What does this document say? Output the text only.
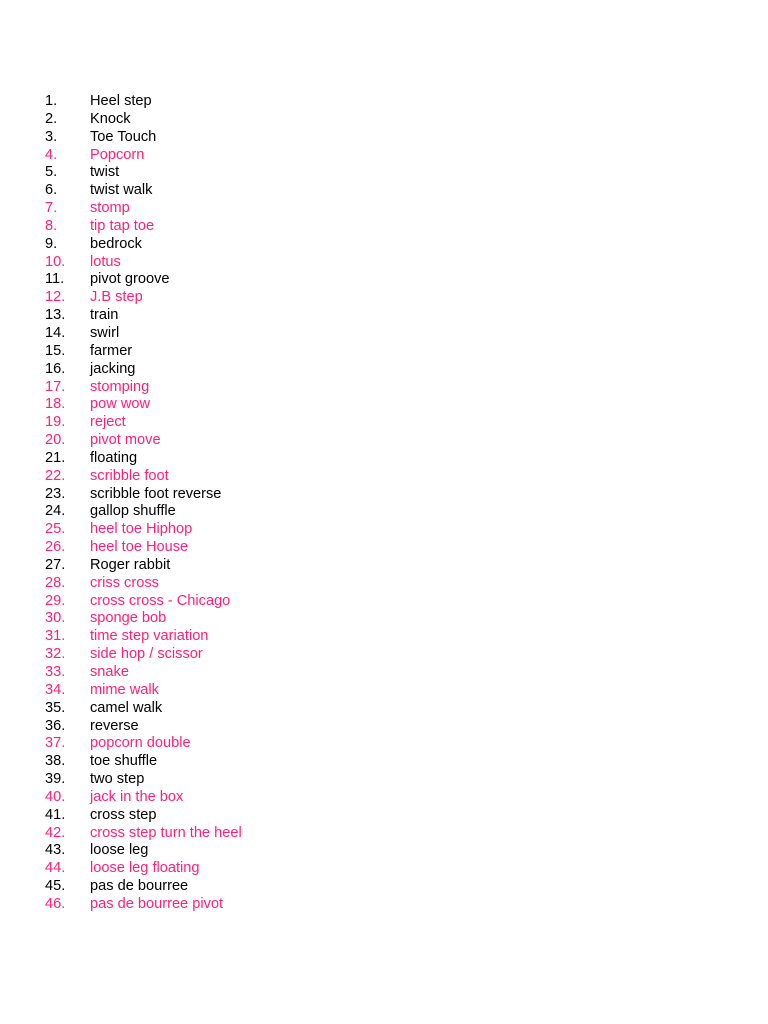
1.	Heel step
2.	Knock
3.	Toe Touch
4.	Popcorn
5.	twist
6.	twist walk
7.	stomp
8.	tip tap toe
9.	bedrock
10.	lotus
11.	pivot groove
12.	J.B step
13.	train
14.	swirl
15.	farmer
16.	jacking
17.	stomping
18.	pow wow
19.	reject
20.	pivot move
21.	floating
22.	scribble foot
23.	scribble foot reverse
24.	gallop shuffle
25.	heel toe Hiphop
26.	heel toe House
27.	Roger rabbit
28.	criss cross
29.	cross cross - Chicago
30.	sponge bob
31.	time step variation
32.	side hop / scissor
33.	snake
34.	mime walk
35.	camel walk
36.	reverse
37.	popcorn double
38.	toe shuffle
39.	two step
40.	jack in the box
41.	cross step
42.	cross step turn the heel
43.	loose leg
44.	loose leg floating
45.	pas de bourree
46.	pas de bourree pivot
